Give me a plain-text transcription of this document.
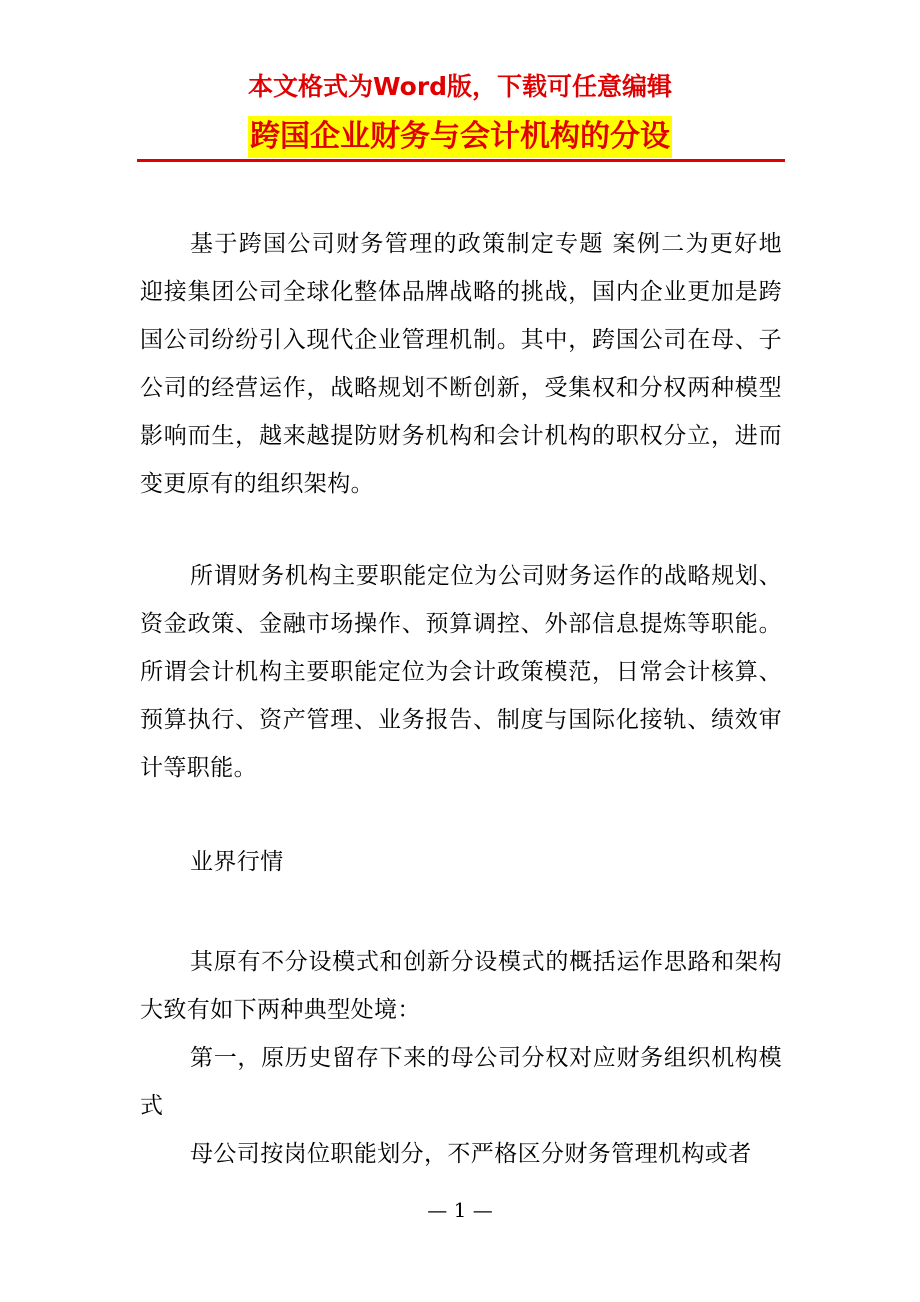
本文格式为Word版，下载可任意编辑
跨国企业财务与会计机构的分设

基于跨国公司财务管理的政策制定专题 案例二为更好地迎接集团公司全球化整体品牌战略的挑战，国内企业更加是跨国公司纷纷引入现代企业管理机制。其中，跨国公司在母、子公司的经营运作，战略规划不断创新，受集权和分权两种模型影响而生，越来越提防财务机构和会计机构的职权分立，进而变更原有的组织架构。

所谓财务机构主要职能定位为公司财务运作的战略规划、资金政策、金融市场操作、预算调控、外部信息提炼等职能。所谓会计机构主要职能定位为会计政策模范，日常会计核算、预算执行、资产管理、业务报告、制度与国际化接轨、绩效审计等职能。

业界行情

其原有不分设模式和创新分设模式的概括运作思路和架构大致有如下两种典型处境：

第一，原历史留存下来的母公司分权对应财务组织机构模式

母公司按岗位职能划分，不严格区分财务管理机构或者

— 1 —
